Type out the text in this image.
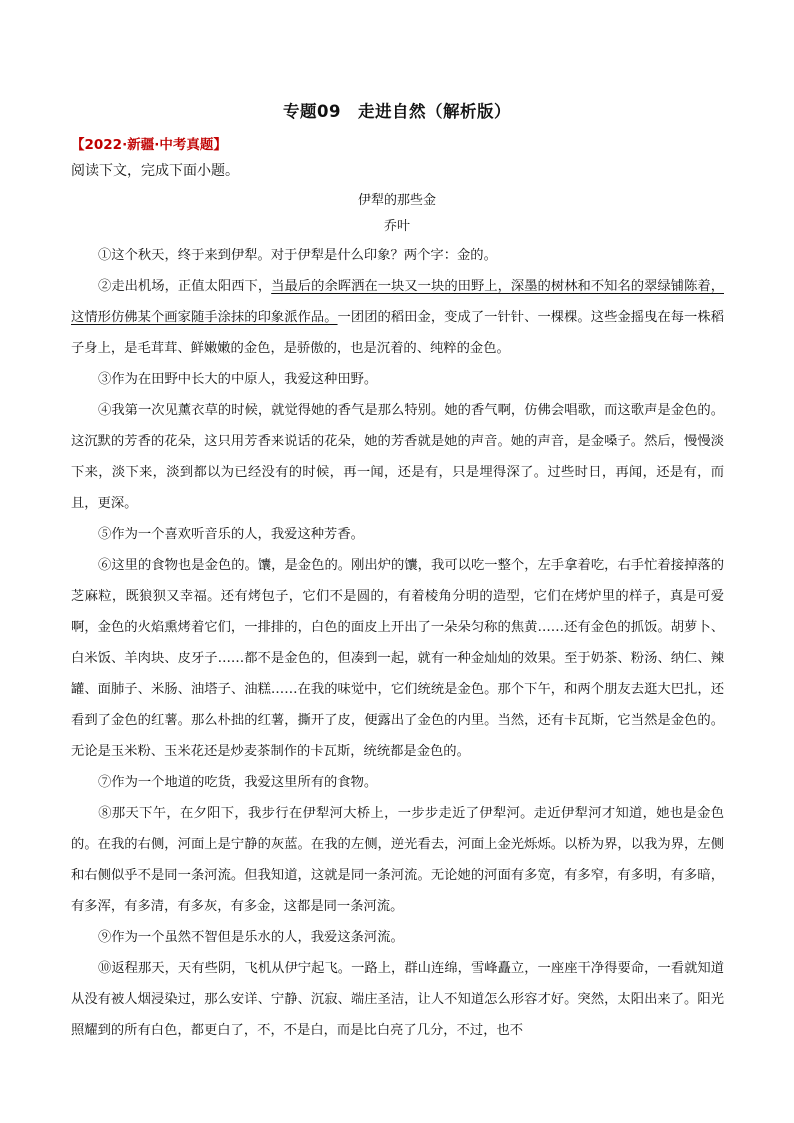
专题09　走进自然（解析版）
【2022·新疆·中考真题】
阅读下文，完成下面小题。
伊犁的那些金
乔叶

①这个秋天，终于来到伊犁。对于伊犁是什么印象？两个字：金的。

②走出机场，正值太阳西下，当最后的余晖洒在一块又一块的田野上，深墨的树林和不知名的翠绿铺陈着，这情形仿佛某个画家随手涂抹的印象派作品。一团团的稻田金，变成了一针针、一棵棵。这些金摇曳在每一株稻子身上，是毛茸茸、鲜嫩嫩的金色，是骄傲的，也是沉着的、纯粹的金色。

③作为在田野中长大的中原人，我爱这种田野。

④我第一次见薰衣草的时候，就觉得她的香气是那么特别。她的香气啊，仿佛会唱歌，而这歌声是金色的。这沉默的芳香的花朵，这只用芳香来说话的花朵，她的芳香就是她的声音。她的声音，是金嗓子。然后，慢慢淡下来，淡下来，淡到都以为已经没有的时候，再一闻，还是有，只是埋得深了。过些时日，再闻，还是有，而且，更深。

⑤作为一个喜欢听音乐的人，我爱这种芳香。

⑥这里的食物也是金色的。馕，是金色的。刚出炉的馕，我可以吃一整个，左手拿着吃，右手忙着接掉落的芝麻粒，既狼狈又幸福。还有烤包子，它们不是圆的，有着棱角分明的造型，它们在烤炉里的样子，真是可爱啊，金色的火焰熏烤着它们，一排排的，白色的面皮上开出了一朵朵匀称的焦黄……还有金色的抓饭。胡萝卜、白米饭、羊肉块、皮牙子……都不是金色的，但凑到一起，就有一种金灿灿的效果。至于奶茶、粉汤、纳仁、辣罐、面肺子、米肠、油塔子、油糕……在我的味觉中，它们统统是金色。那个下午，和两个朋友去逛大巴扎，还看到了金色的红薯。那么朴拙的红薯，撕开了皮，便露出了金色的内里。当然，还有卡瓦斯，它当然是金色的。无论是玉米粉、玉米花还是炒麦茶制作的卡瓦斯，统统都是金色的。

⑦作为一个地道的吃货，我爱这里所有的食物。

⑧那天下午，在夕阳下，我步行在伊犁河大桥上，一步步走近了伊犁河。走近伊犁河才知道，她也是金色的。在我的右侧，河面上是宁静的灰蓝。在我的左侧，逆光看去，河面上金光烁烁。以桥为界，以我为界，左侧和右侧似乎不是同一条河流。但我知道，这就是同一条河流。无论她的河面有多宽，有多窄，有多明，有多暗，有多浑，有多清，有多灰，有多金，这都是同一条河流。

⑨作为一个虽然不智但是乐水的人，我爱这条河流。

⑩返程那天，天有些阴，飞机从伊宁起飞。一路上，群山连绵，雪峰矗立，一座座干净得要命，一看就知道从没有被人烟浸染过，那么安详、宁静、沉寂、端庄圣洁，让人不知道怎么形容才好。突然，太阳出来了。阳光照耀到的所有白色，都更白了，不，不是白，而是比白亮了几分，不过，也不
